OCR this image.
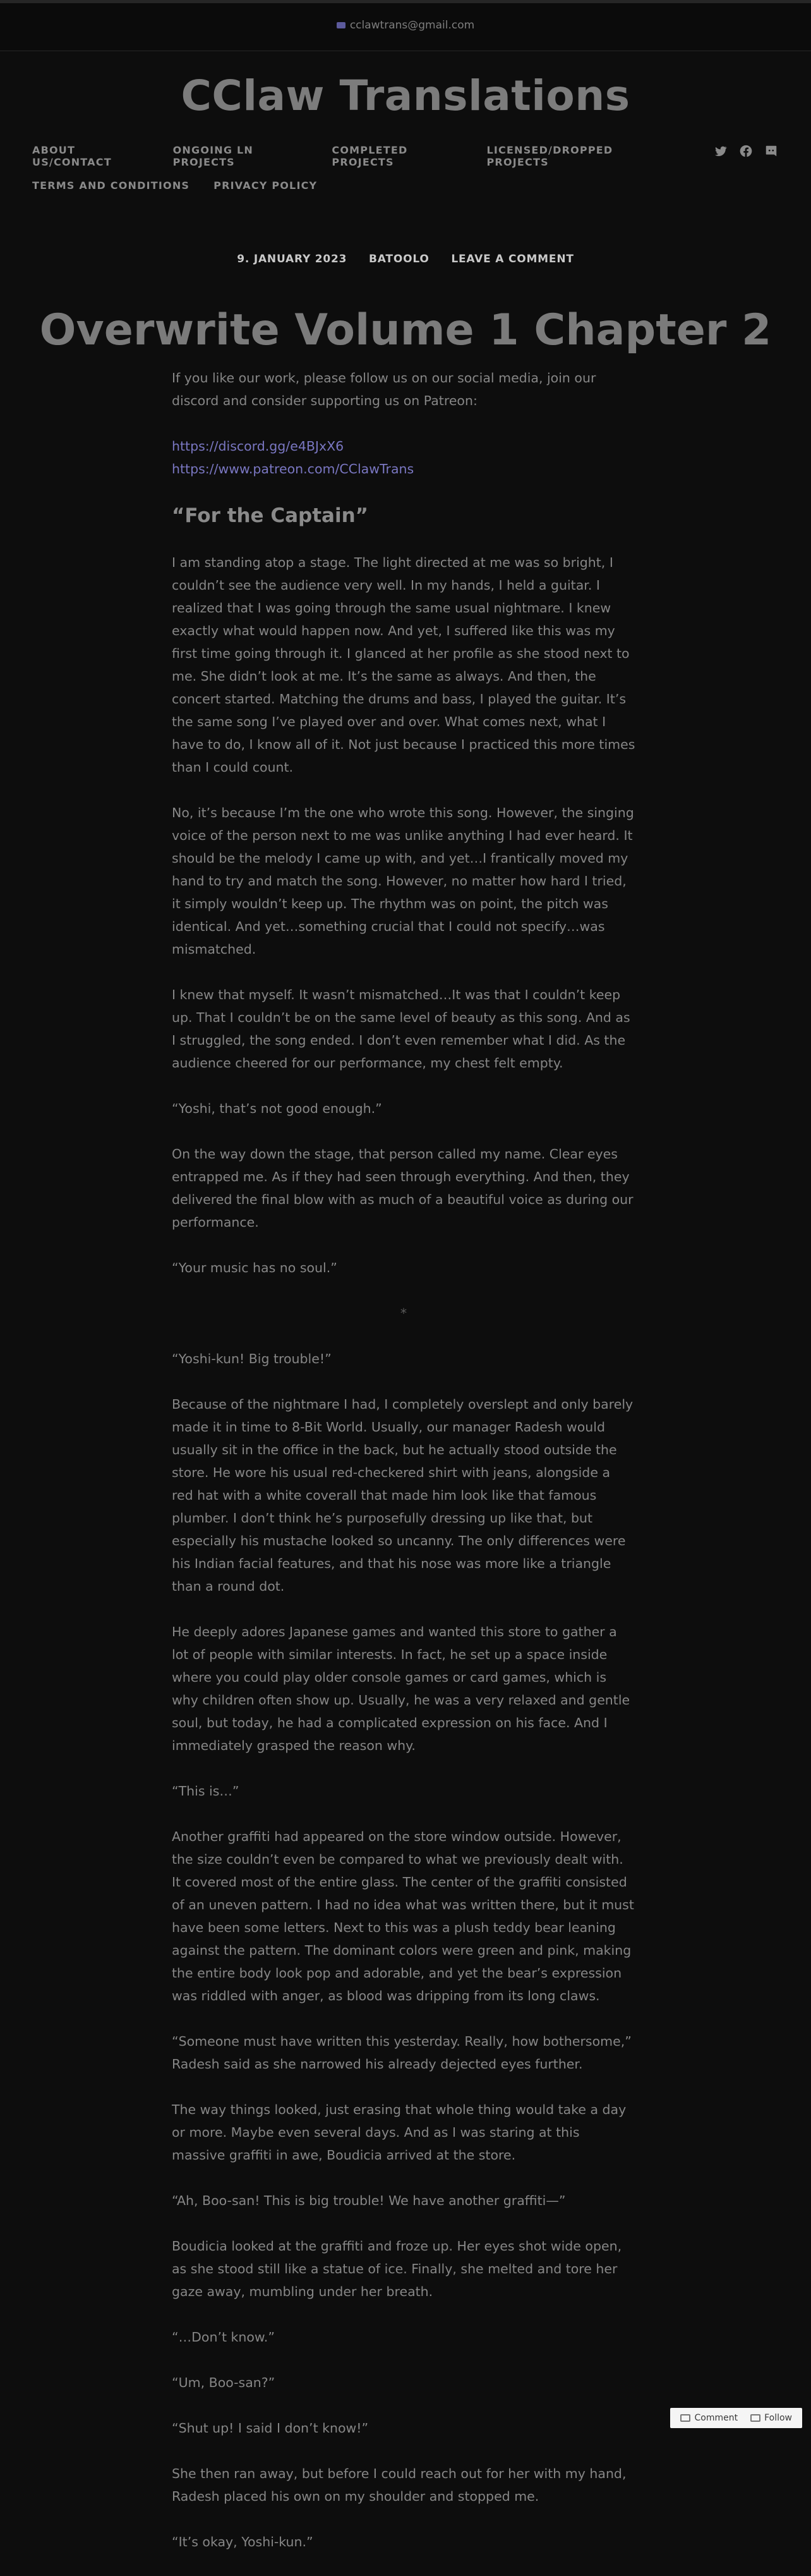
cclawtrans@gmail.com
CClaw Translations
ABOUT US/CONTACT
ONGOING LN PROJECTS
COMPLETED PROJECTS
LICENSED/DROPPED PROJECTS
TERMS AND CONDITIONS PRIVACY POLICY
9. JANUARY 2023 BATOOLO LEAVE A COMMENT
Overwrite Volume 1 Chapter 2

If you like our work, please follow us on our social media, join our discord and consider supporting us on Patreon:

https://discord.gg/e4BJxX6
https://www.patreon.com/CClawTrans

“For the Captain”

I am standing atop a stage. The light directed at me was so bright, I couldn’t see the audience very well. In my hands, I held a guitar. I realized that I was going through the same usual nightmare. I knew exactly what would happen now. And yet, I suffered like this was my first time going through it. I glanced at her profile as she stood next to me. She didn’t look at me. It’s the same as always. And then, the concert started. Matching the drums and bass, I played the guitar. It’s the same song I’ve played over and over. What comes next, what I have to do, I know all of it. Not just because I practiced this more times than I could count.

No, it’s because I’m the one who wrote this song. However, the singing voice of the person next to me was unlike anything I had ever heard. It should be the melody I came up with, and yet…I frantically moved my hand to try and match the song. However, no matter how hard I tried, it simply wouldn’t keep up. The rhythm was on point, the pitch was identical. And yet…something crucial that I could not specify…was mismatched.

I knew that myself. It wasn’t mismatched…It was that I couldn’t keep up. That I couldn’t be on the same level of beauty as this song. And as I struggled, the song ended. I don’t even remember what I did. As the audience cheered for our performance, my chest felt empty.

“Yoshi, that’s not good enough.”

On the way down the stage, that person called my name. Clear eyes entrapped me. As if they had seen through everything. And then, they delivered the final blow with as much of a beautiful voice as during our performance.

“Your music has no soul.”

*

“Yoshi-kun! Big trouble!”

Because of the nightmare I had, I completely overslept and only barely made it in time to 8-Bit World. Usually, our manager Radesh would usually sit in the office in the back, but he actually stood outside the store. He wore his usual red-checkered shirt with jeans, alongside a red hat with a white coverall that made him look like that famous plumber. I don’t think he’s purposefully dressing up like that, but especially his mustache looked so uncanny. The only differences were his Indian facial features, and that his nose was more like a triangle than a round dot.

He deeply adores Japanese games and wanted this store to gather a lot of people with similar interests. In fact, he set up a space inside where you could play older console games or card games, which is why children often show up. Usually, he was a very relaxed and gentle soul, but today, he had a complicated expression on his face. And I immediately grasped the reason why.

“This is…”

Another graffiti had appeared on the store window outside. However, the size couldn’t even be compared to what we previously dealt with. It covered most of the entire glass. The center of the graffiti consisted of an uneven pattern. I had no idea what was written there, but it must have been some letters. Next to this was a plush teddy bear leaning against the pattern. The dominant colors were green and pink, making the entire body look pop and adorable, and yet the bear’s expression was riddled with anger, as blood was dripping from its long claws.

“Someone must have written this yesterday. Really, how bothersome,” Radesh said as she narrowed his already dejected eyes further.

The way things looked, just erasing that whole thing would take a day or more. Maybe even several days. And as I was staring at this massive graffiti in awe, Boudicia arrived at the store.

“Ah, Boo-san! This is big trouble! We have another graffiti—”

Boudicia looked at the graffiti and froze up. Her eyes shot wide open, as she stood still like a statue of ice. Finally, she melted and tore her gaze away, mumbling under her breath.

“…Don’t know.”

“Um, Boo-san?”

“Shut up! I said I don’t know!”

She then ran away, but before I could reach out for her with my hand, Radesh placed his own on my shoulder and stopped me.

“It’s okay, Yoshi-kun.”

Comment	Follow
